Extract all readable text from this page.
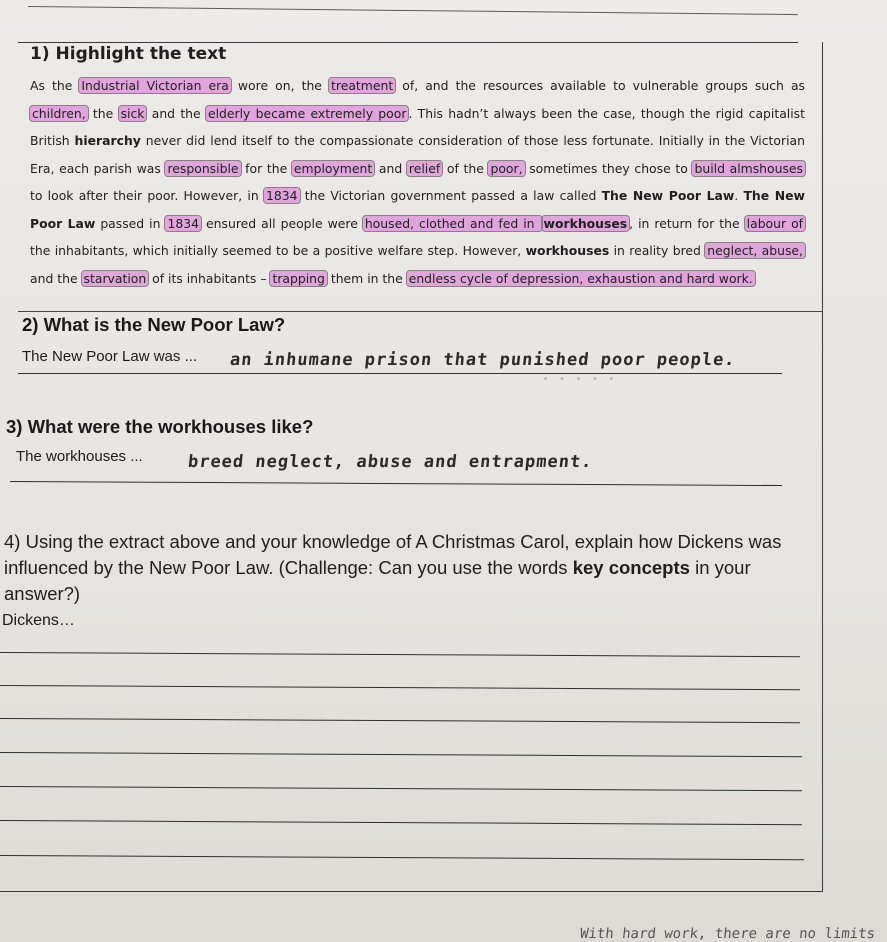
1) Highlight the text

As the Industrial Victorian era wore on, the treatment of, and the resources available to vulnerable groups such as children, the sick and the elderly became extremely poor . This hadn’t always been the case, though the rigid capitalist British hierarchy never did lend itself to the compassionate consideration of those less fortunate. Initially in the Victorian Era, each parish was responsible for the employment and relief of the poor, sometimes they chose to build almshouses to look after their poor. However, in 1834 the Victorian government passed a law called The New Poor Law. The New Poor Law passed in 1834 ensured all people were housed, clothed and fed in workhouses , in return for the labour of the inhabitants, which initially seemed to be a positive welfare step. However, workhouses in reality bred neglect, abuse, and the starvation of its inhabitants – trapping them in the endless cycle of depression, exhaustion and hard work.

2) What is the New Poor Law?

The New Poor Law was ... an inhumane prison that punished poor people.

· · · · ·
3) What were the workhouses like?

The workhouses ...	breed neglect, abuse and entrapment.

4) Using the extract above and your knowledge of A Christmas Carol, explain how Dickens was influenced by the New Poor Law. (Challenge: Can you use the words key concepts in your answer?)

Dickens…

With hard work, there are no limits
